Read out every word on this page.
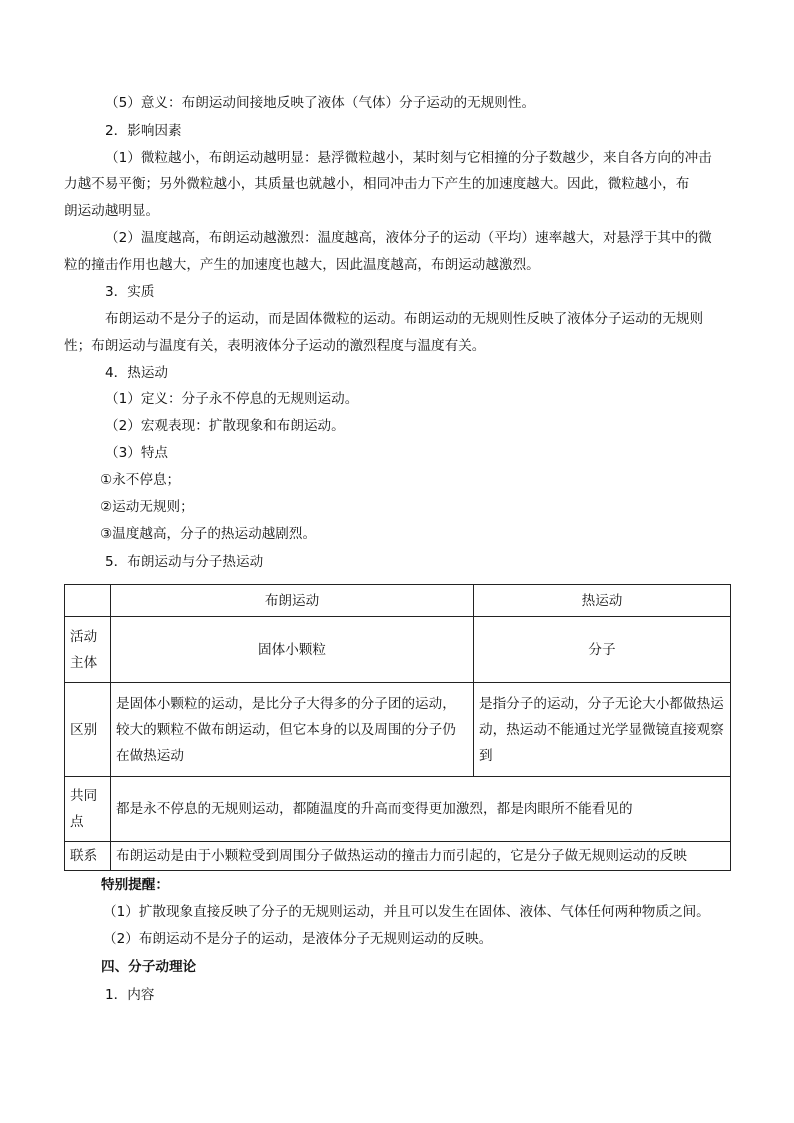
（5）意义：布朗运动间接地反映了液体（气体）分子运动的无规则性。
2．影响因素
（1）微粒越小，布朗运动越明显：悬浮微粒越小，某时刻与它相撞的分子数越少，来自各方向的冲击
力越不易平衡；另外微粒越小，其质量也就越小，相同冲击力下产生的加速度越大。因此，微粒越小，布
朗运动越明显。
（2）温度越高，布朗运动越激烈：温度越高，液体分子的运动（平均）速率越大，对悬浮于其中的微
粒的撞击作用也越大，产生的加速度也越大，因此温度越高，布朗运动越激烈。
3．实质
布朗运动不是分子的运动，而是固体微粒的运动。布朗运动的无规则性反映了液体分子运动的无规则
性；布朗运动与温度有关，表明液体分子运动的激烈程度与温度有关。
4．热运动
（1）定义：分子永不停息的无规则运动。
（2）宏观表现：扩散现象和布朗运动。
（3）特点
①永不停息；
②运动无规则；
③温度越高，分子的热运动越剧烈。
5．布朗运动与分子热运动
	布朗运动	热运动
活动主体	固体小颗粒	分子
区别	是固体小颗粒的运动，是比分子大得多的分子团的运动，较大的颗粒不做布朗运动，但它本身的以及周围的分子仍在做热运动	是指分子的运动，分子无论大小都做热运动，热运动不能通过光学显微镜直接观察到
共同点	都是永不停息的无规则运动，都随温度的升高而变得更加激烈，都是肉眼所不能看见的	
联系	布朗运动是由于小颗粒受到周围分子做热运动的撞击力而引起的，它是分子做无规则运动的反映	
特别提醒：
（1）扩散现象直接反映了分子的无规则运动，并且可以发生在固体、液体、气体任何两种物质之间。
（2）布朗运动不是分子的运动，是液体分子无规则运动的反映。
四、分子动理论
1．内容
